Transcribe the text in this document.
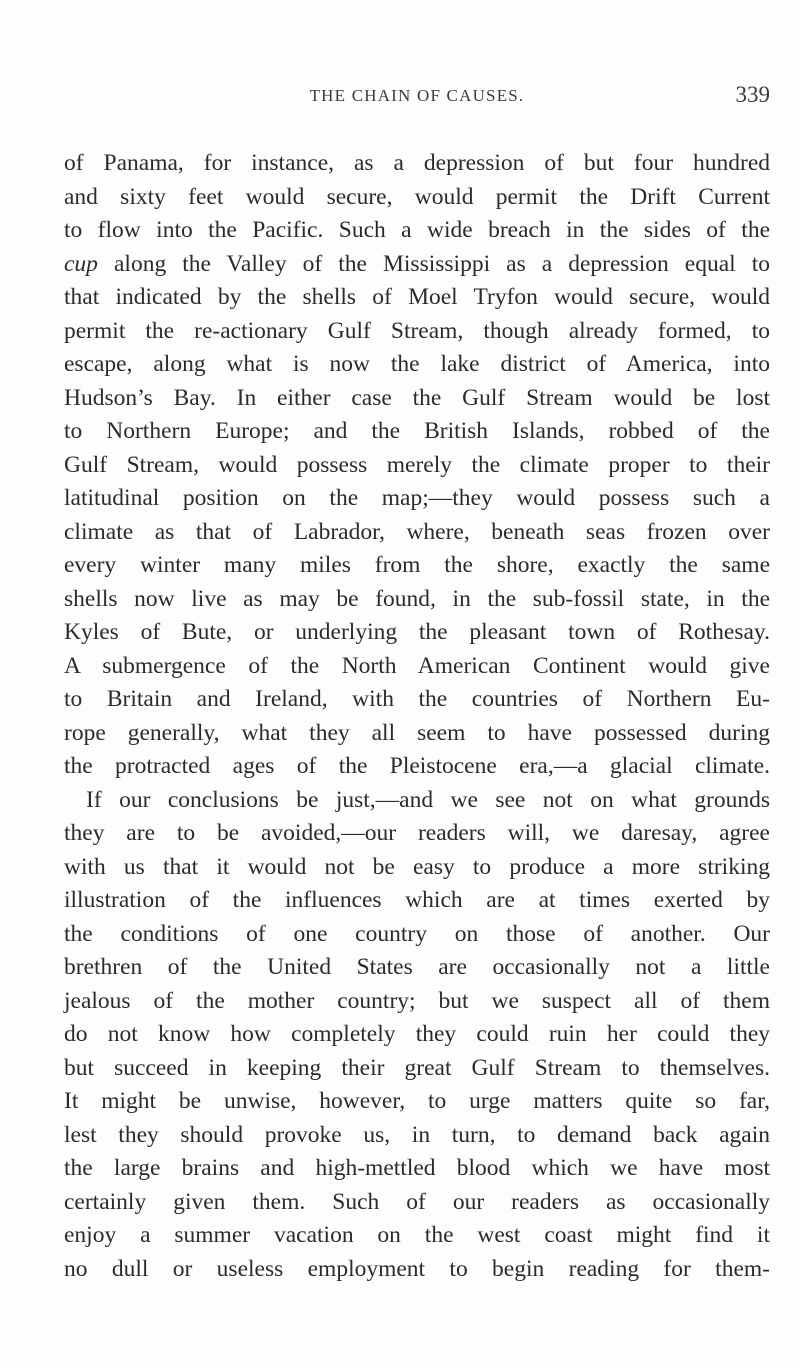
THE CHAIN OF CAUSES.	339
of Panama, for instance, as a depression of but four hundred
and sixty feet would secure, would permit the Drift Current
to flow into the Pacific. Such a wide breach in the sides of the
cup along the Valley of the Mississippi as a depression equal to
that indicated by the shells of Moel Tryfon would secure, would
permit the re-actionary Gulf Stream, though already formed, to
escape, along what is now the lake district of America, into
Hudson’s Bay. In either case the Gulf Stream would be lost
to Northern Europe; and the British Islands, robbed of the
Gulf Stream, would possess merely the climate proper to their
latitudinal position on the map;—they would possess such a
climate as that of Labrador, where, beneath seas frozen over
every winter many miles from the shore, exactly the same
shells now live as may be found, in the sub-fossil state, in the
Kyles of Bute, or underlying the pleasant town of Rothesay.
A submergence of the North American Continent would give
to Britain and Ireland, with the countries of Northern Eu-
rope generally, what they all seem to have possessed during
the protracted ages of the Pleistocene era,—a glacial climate.
If our conclusions be just,—and we see not on what grounds
they are to be avoided,—our readers will, we daresay, agree
with us that it would not be easy to produce a more striking
illustration of the influences which are at times exerted by
the conditions of one country on those of another. Our
brethren of the United States are occasionally not a little
jealous of the mother country; but we suspect all of them
do not know how completely they could ruin her could they
but succeed in keeping their great Gulf Stream to themselves.
It might be unwise, however, to urge matters quite so far,
lest they should provoke us, in turn, to demand back again
the large brains and high-mettled blood which we have most
certainly given them. Such of our readers as occasionally
enjoy a summer vacation on the west coast might find it
no dull or useless employment to begin reading for them-
